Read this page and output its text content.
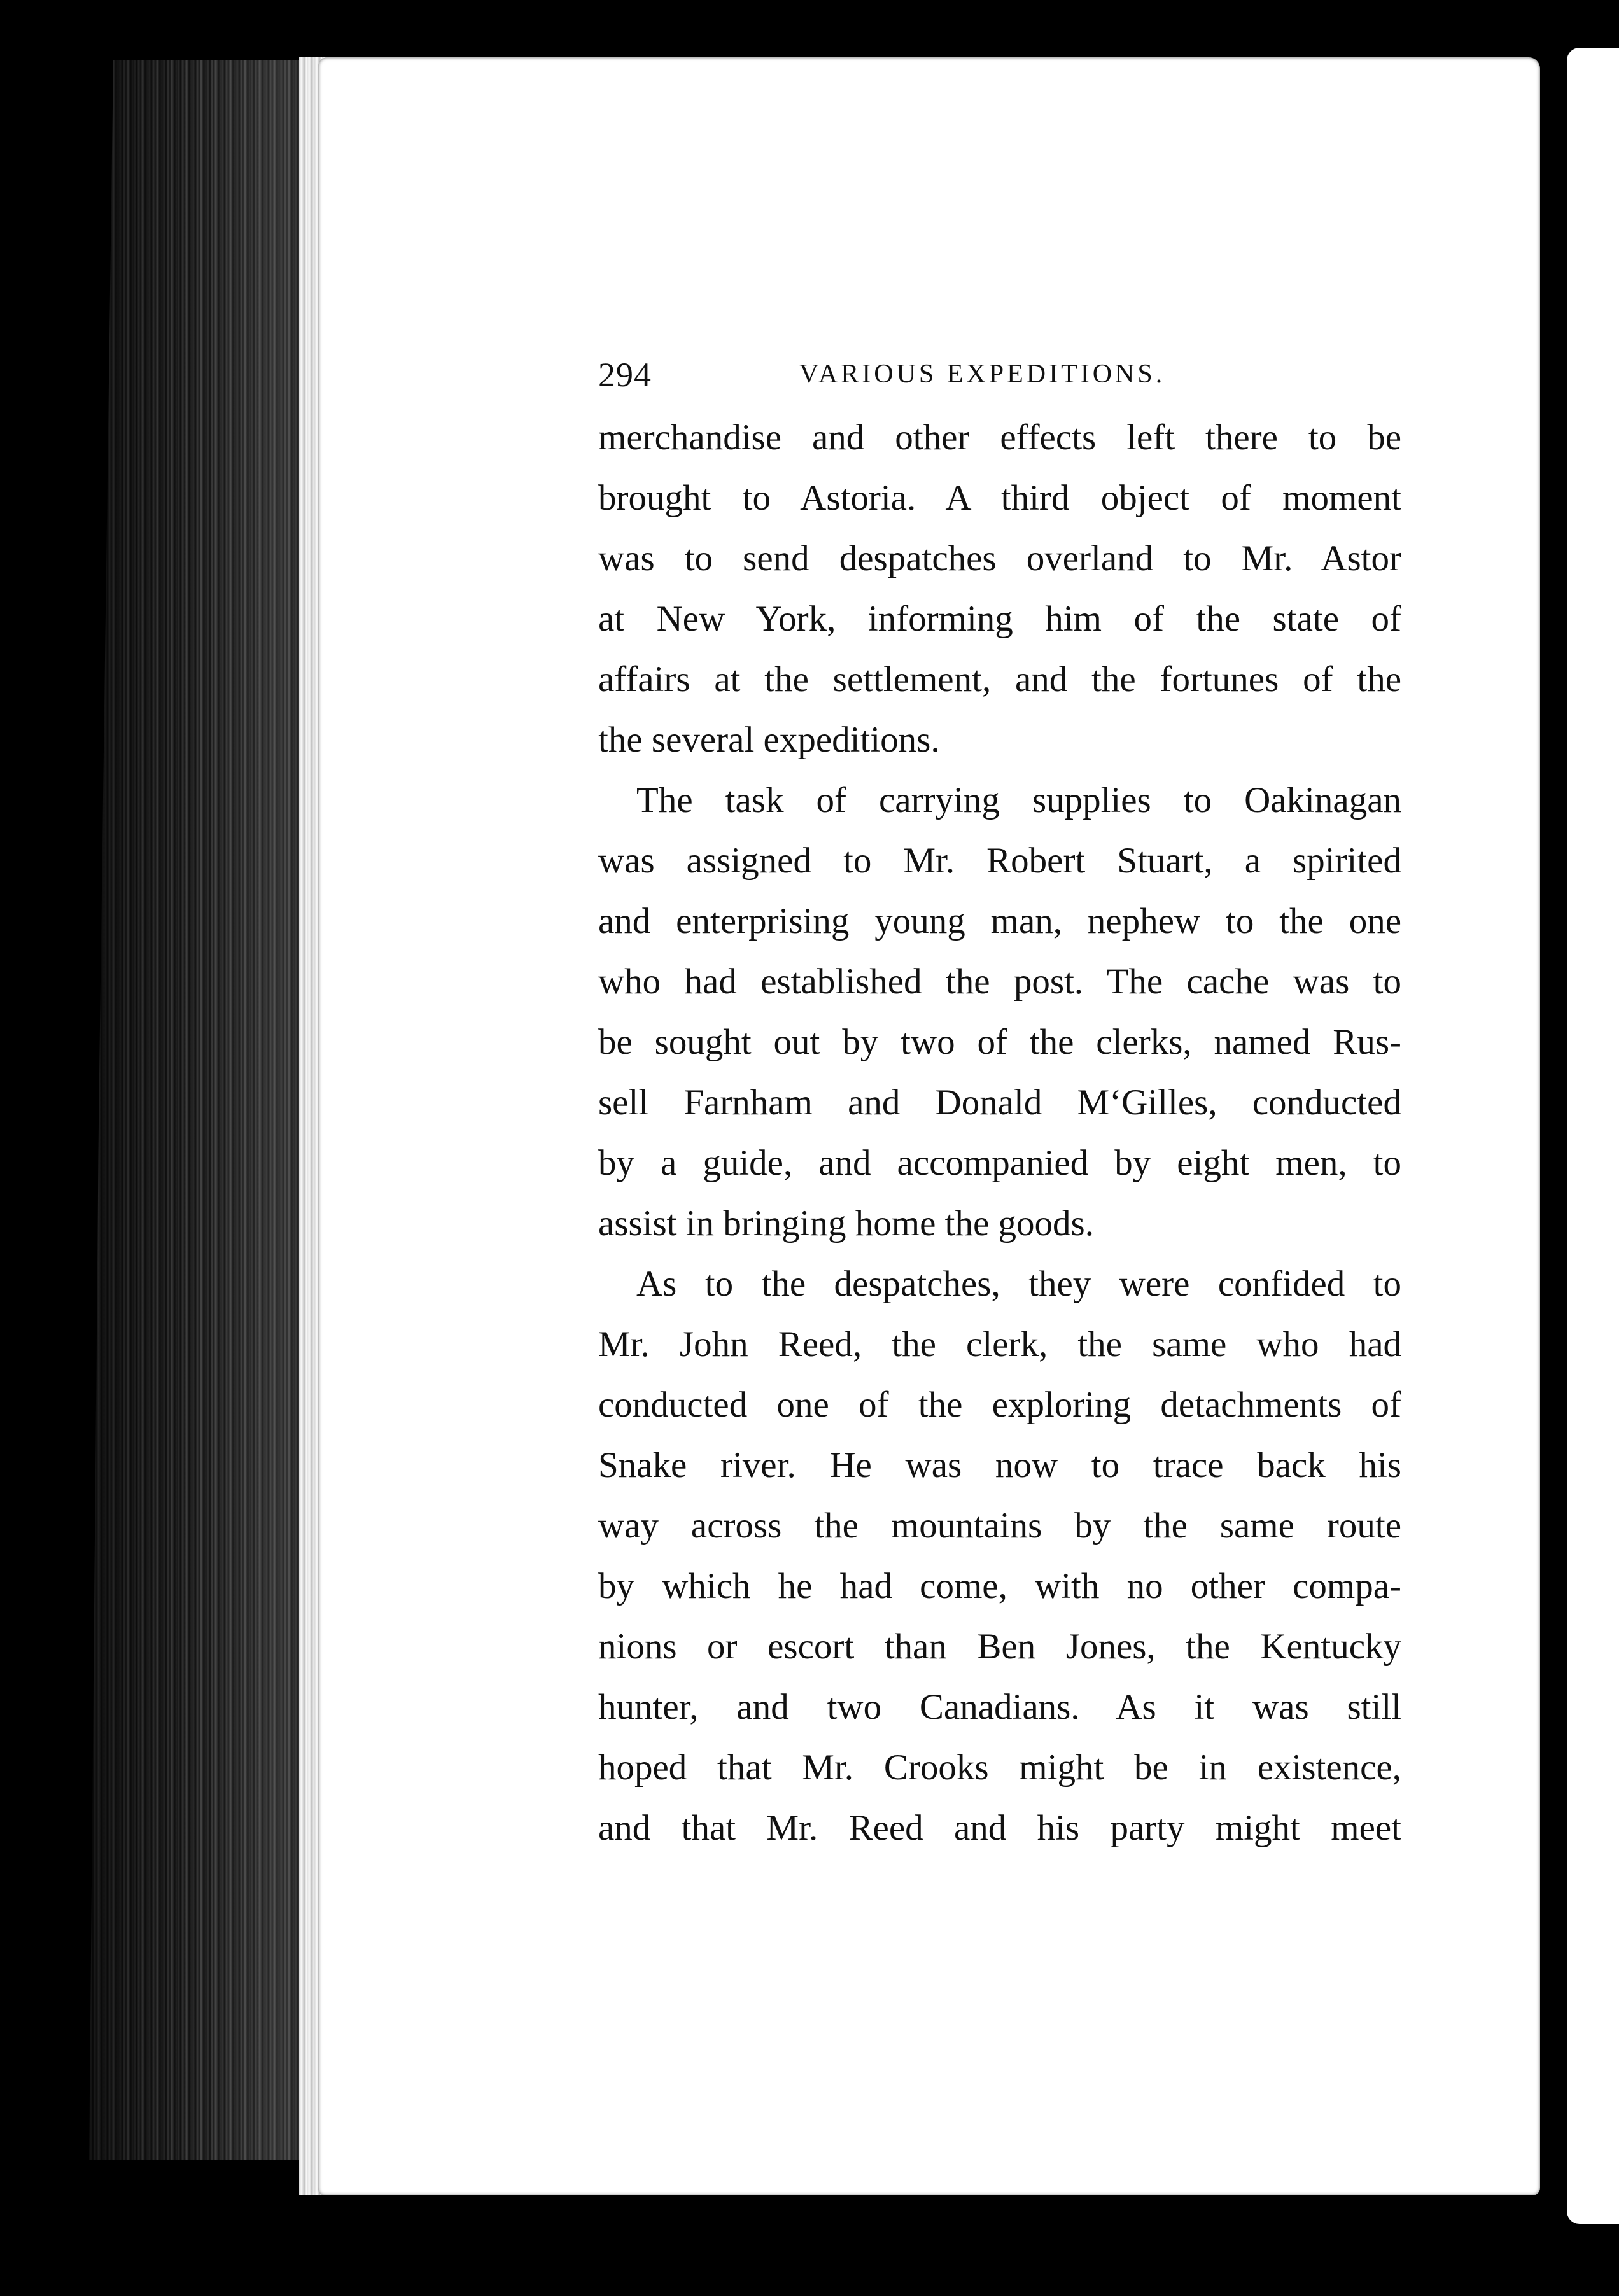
294	VARIOUS EXPEDITIONS.
merchandise and other effects left there to be
brought to Astoria. A third object of moment
was to send despatches overland to Mr. Astor
at New York, informing him of the state of
affairs at the settlement, and the fortunes of the
the several expeditions.
The task of carrying supplies to Oakinagan
was assigned to Mr. Robert Stuart, a spirited
and enterprising young man, nephew to the one
who had established the post. The cache was to
be sought out by two of the clerks, named Rus-
sell Farnham and Donald M‘Gilles, conducted
by a guide, and accompanied by eight men, to
assist in bringing home the goods.
As to the despatches, they were confided to
Mr. John Reed, the clerk, the same who had
conducted one of the exploring detachments of
Snake river. He was now to trace back his
way across the mountains by the same route
by which he had come, with no other compa-
nions or escort than Ben Jones, the Kentucky
hunter, and two Canadians. As it was still
hoped that Mr. Crooks might be in existence,
and that Mr. Reed and his party might meet
